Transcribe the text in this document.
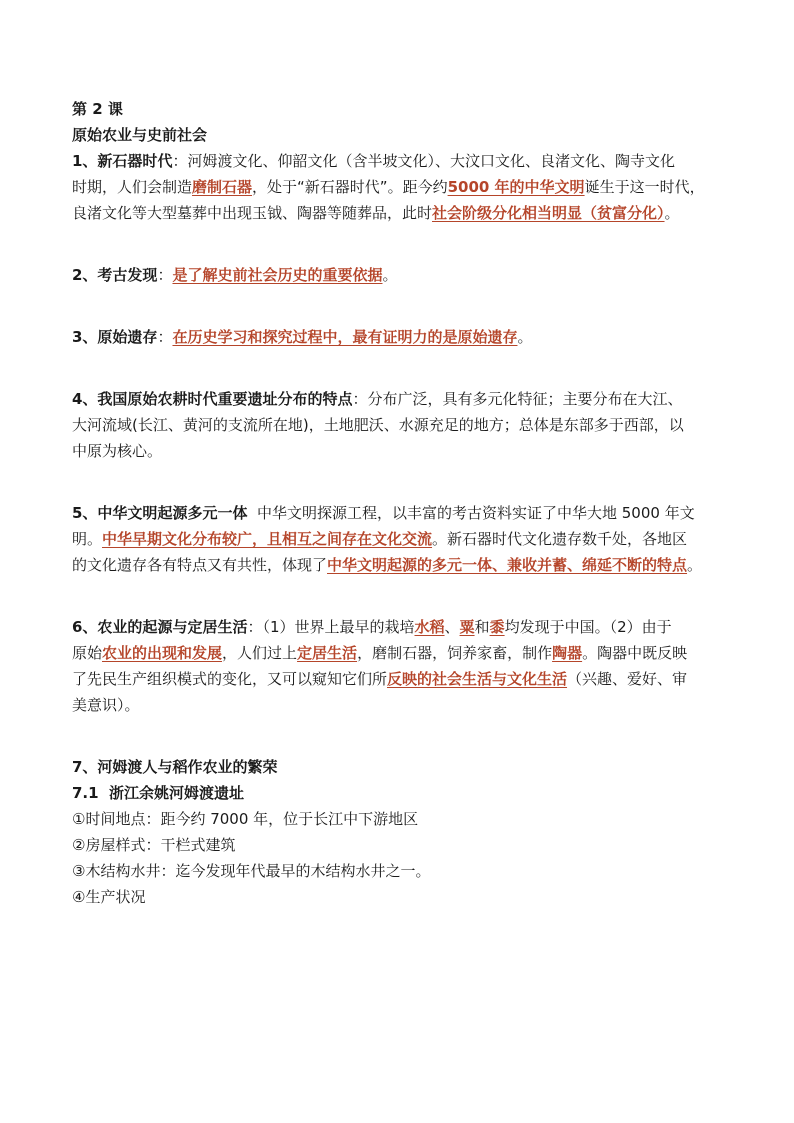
第 2 课

原始农业与史前社会

1、新石器时代：河姆渡文化、仰韶文化（含半坡文化）、大汶口文化、良渚文化、陶寺文化

时期，人们会制造磨制石器，处于“新石器时代”。距今约5000 年的中华文明诞生于这一时代，

良渚文化等大型墓葬中出现玉钺、陶器等随葬品，此时社会阶级分化相当明显（贫富分化）。

2、考古发现：是了解史前社会历史的重要依据。

3、原始遗存：在历史学习和探究过程中，最有证明力的是原始遗存。

4、我国原始农耕时代重要遗址分布的特点：分布广泛，具有多元化特征；主要分布在大江、

大河流域(长江、黄河的支流所在地)，土地肥沃、水源充足的地方；总体是东部多于西部，以

中原为核心。

5、中华文明起源多元一体  中华文明探源工程，以丰富的考古资料实证了中华大地 5000 年文

明。中华早期文化分布较广，且相互之间存在文化交流。新石器时代文化遗存数千处，各地区

的文化遗存各有特点又有共性，体现了中华文明起源的多元一体、兼收并蓄、绵延不断的特点。

6、农业的起源与定居生活：（1）世界上最早的栽培水稻、粟和黍均发现于中国。（2）由于

原始农业的出现和发展，人们过上定居生活，磨制石器，饲养家畜，制作陶器。陶器中既反映

了先民生产组织模式的变化，又可以窥知它们所反映的社会生活与文化生活（兴趣、爱好、审

美意识）。

7、河姆渡人与稻作农业的繁荣

7.1  浙江余姚河姆渡遗址

①时间地点：距今约 7000 年，位于长江中下游地区

②房屋样式：干栏式建筑

③木结构水井：迄今发现年代最早的木结构水井之一。

④生产状况
